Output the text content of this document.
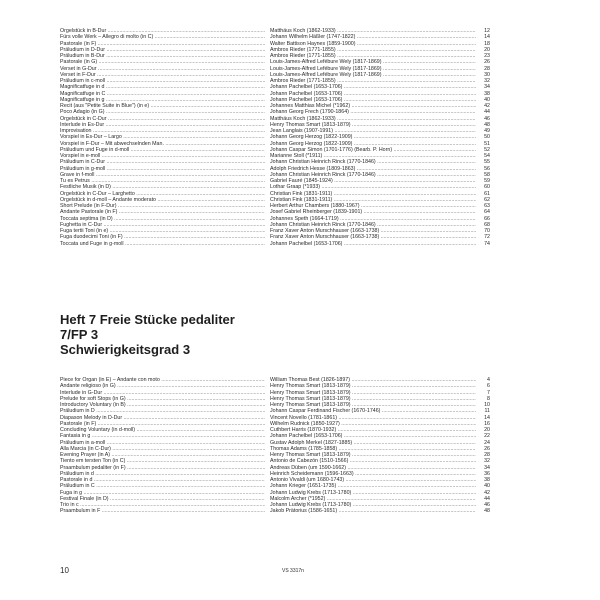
Orgelstück in B-Dur .....	Matthäus Koch (1862-1933) .....	12
Fürs volle Werk – Allegro di molto (in C) .....	Johann Wilhelm Häßler (1747-1822) .....	14
Pastorale (in F) .....	Walter Battison Haynes (1859-1900) .....	18
Präludium in D-Dur .....	Ambros Rieder (1771-1855) .....	20
Präludium in B-Dur .....	Ambros Rieder (1771-1855) .....	23
Pastorale (in G) .....	Louis-James-Alfred Lefébure Wely (1817-1869) .....	26
Verset in G-Dur .....	Louis-James-Alfred Lefébure Wely (1817-1869) .....	28
Verset in F-Dur .....	Louis-James-Alfred Lefébure Wely (1817-1869) .....	30
Präludium in c-moll .....	Ambros Rieder (1771-1855) .....	32
Magnificatfuge in d .....	Johann Pachelbel (1653-1706) .....	34
Magnificatfuge in C .....	Johann Pachelbel (1653-1706) .....	38
Magnificatfuge in g .....	Johann Pachelbel (1653-1706) .....	40
Recit (aus "Petite Suite in Blue") (in e) .....	Johannes Matthias Michel (*1962) .....	42
Poco Adagio (in G) .....	Johann Georg Frech (1790-1864) .....	44
Orgelstück in C-Dur .....	Matthäus Koch (1862-1933) .....	46
Interlude in Es-Dur .....	Henry Thomas Smart (1813-1879) .....	48
Improvisation .....	Jean Langlais (1907-1991) .....	49
Vorspiel in Es-Dur – Largo .....	Johann Georg Herzog (1822-1909) .....	50
Vorspiel in F-Dur – Mit abwechselnden Man. .....	Johann Georg Herzog (1822-1909) .....	51
Präludium und Fuge in d-moll .....	Johann Caspar Simon (1701-1776) (Bearb. P. Horn) .....	52
Vorspiel in e-moll .....	Marianne Stoll (*1911) .....	54
Präludium in C-Dur .....	Johann Christian Heinrich Rinck (1770-1846) .....	55
Präludium in g-moll .....	Adolph Friedrich Hesse (1809-1863) .....	56
Grave in f-moll .....	Johann Christian Heinrich Rinck (1770-1846) .....	58
Tu es Petrus .....	Gabriel Fauré (1845-1924) .....	59
Festliche Musik (in D) .....	Lothar Graap (*1933) .....	60
Orgelstück in C-Dur – Larghetto .....	Christian Fink (1831-1911) .....	61
Orgelstück in d-moll – Andante moderato .....	Christian Fink (1831-1911) .....	62
Short Prelude (in F-Dur) .....	Herbert Arthur Chambers (1880-1967) .....	63
Andante Pastorale (in F) .....	Josef Gabriel Rheinberger (1839-1901) .....	64
Toccata septima (in D) .....	Johannes Speth (1664-1719) .....	66
Fughetta in C-Dur .....	Johann Christian Heinrich Rinck (1770-1846) .....	68
Fuga tertii Toni (in e) .....	Franz Xaver Anton Murschhauser (1663-1738) .....	70
Fuga duodecimi Toni (in F) .....	Franz Xaver Anton Murschhauser (1663-1738) .....	72
Toccata und Fuge in g-moll .....	Johann Pachelbel (1653-1706) .....	74
Heft 7 Freie Stücke pedaliter
7/FP 3
Schwierigkeitsgrad 3
Piece for Organ (in E) – Andante con moto .....	William Thomas Best (1826-1897) .....	4
Andante religioso (in G) .....	Henry Thomas Smart (1813-1879) .....	6
Interlude in G-Dur .....	Henry Thomas Smart (1813-1879) .....	7
Prelude for soft Stops (in G) .....	Henry Thomas Smart (1813-1879) .....	8
Introductory Voluntary (in B) .....	Henry Thomas Smart (1813-1879) .....	10
Präludium in D .....	Johann Caspar Ferdinand Fischer (1670-1746) .....	11
Diapason Melody in D-Dur .....	Vincent Novello (1781-1861) .....	14
Pastorale (in F) .....	Wilhelm Rudnick (1850-1927) .....	16
Concluding Voluntary (in d-moll) .....	Cuthbert Harris (1870-1932) .....	20
Fantasia in g .....	Johann Pachelbel (1653-1706) .....	22
Präludium in a-moll .....	Gustav Adolph Merkel (1827-1885) .....	24
Alla Marcia (in C-Dur) .....	Thomas Adams (1785-1858) .....	26
Evening Prayer (in A) .....	Henry Thomas Smart (1813-1879) .....	28
Tiento em tersten Ton (in C) .....	Antonio de Cabezón (1510-1566) .....	32
Praambulum pedaliter (in F) .....	Andreas Düben (um 1590-1662) .....	34
Präludium in d .....	Heinrich Scheidemann (1596-1663) .....	36
Pastorale in d .....	Antonio Vivaldi (um 1680-1743) .....	38
Präludium in C .....	Johann Krieger (1651-1735) .....	40
Fuga in g .....	Johann Ludwig Krebs (1713-1780) .....	42
Festival Finale (in D) .....	Malcolm Archer (*1952) .....	44
Trio in c .....	Johann Ludwig Krebs (1713-1780) .....	46
Praambulum in F .....	Jakob Prätorius (1586-1651) .....	48
10	VS 3317n
